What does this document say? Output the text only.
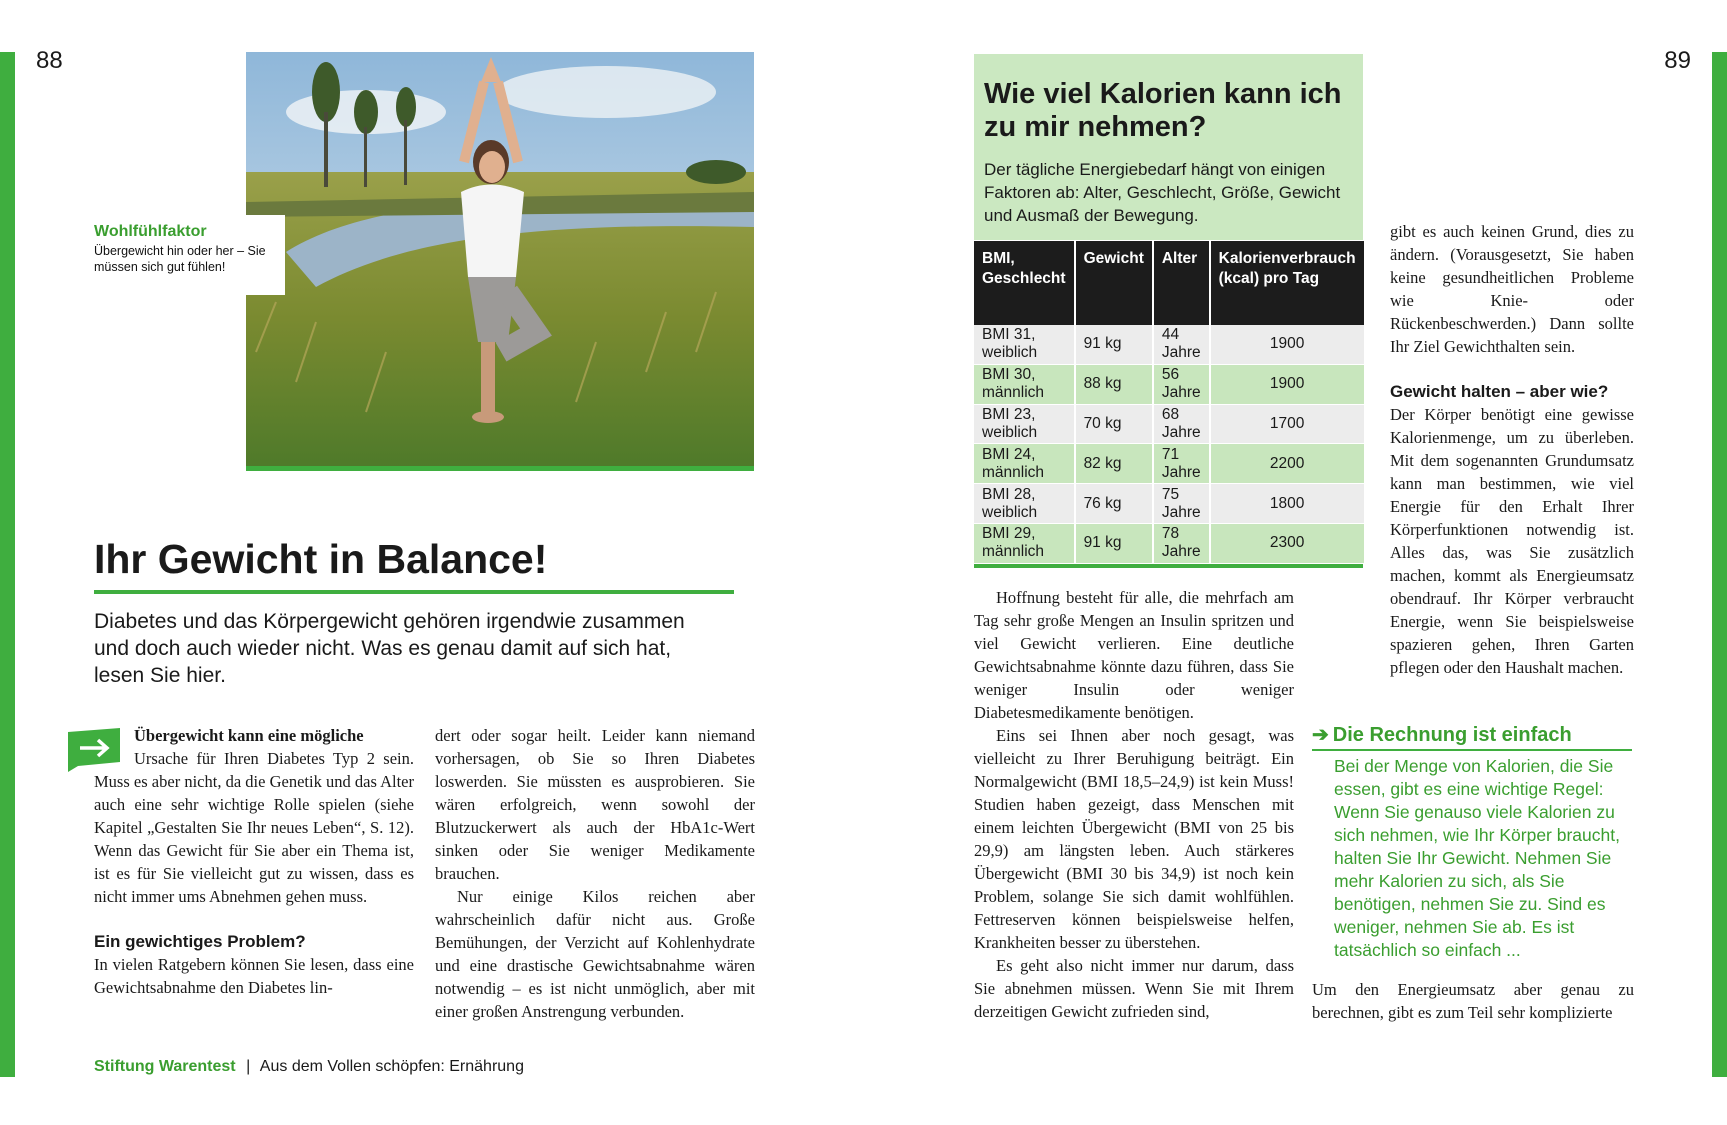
88	89
Wohlfühlfaktor
Übergewicht hin oder her – Sie müssen sich gut fühlen!
Ihr Gewicht in Balance!
Diabetes und das Körpergewicht gehören irgendwie zusammen und doch auch wieder nicht. Was es genau damit auf sich hat, lesen Sie hier.

Übergewicht kann eine mögliche

Ursache für Ihren Diabetes Typ 2 sein. Muss es aber nicht, da die Genetik und das Alter auch eine sehr wichtige Rolle spielen (siehe Kapitel „Gestalten Sie Ihr neues Leben“, S. 12). Wenn das Gewicht für Sie aber ein Thema ist, ist es für Sie vielleicht gut zu wissen, dass es nicht immer ums Abnehmen gehen muss.

Ein gewichtiges Problem?

In vielen Ratgebern können Sie lesen, dass eine Gewichtsabnahme den Diabetes lin-

dert oder sogar heilt. Leider kann niemand vorhersagen, ob Sie so Ihren Diabetes loswerden. Sie müssten es ausprobieren. Sie wären erfolgreich, wenn sowohl der Blutzuckerwert als auch der HbA1c-Wert sinken oder Sie weniger Medikamente brauchen.

Nur einige Kilos reichen aber wahrscheinlich dafür nicht aus. Große Bemühungen, der Verzicht auf Kohlenhydrate und eine drastische Gewichtsabnahme wären notwendig – es ist nicht unmöglich, aber mit einer großen Anstrengung verbunden.

Wie viel Kalorien kann ich zu mir nehmen?
Der tägliche Energiebedarf hängt von einigen Faktoren ab: Alter, Geschlecht, Größe, Gewicht und Ausmaß der Bewegung.
BMI, Geschlecht	Gewicht	Alter	Kalorienverbrauch (kcal) pro Tag
BMI 31, weiblich	91 kg	44 Jahre	1900
BMI 30, männlich	88 kg	56 Jahre	1900
BMI 23, weiblich	70 kg	68 Jahre	1700
BMI 24, männlich	82 kg	71 Jahre	2200
BMI 28, weiblich	76 kg	75 Jahre	1800
BMI 29, männlich	91 kg	78 Jahre	2300

Hoffnung besteht für alle, die mehrfach am Tag sehr große Mengen an Insulin spritzen und viel Gewicht verlieren. Eine deutliche Gewichtsabnahme könnte dazu führen, dass Sie weniger Insulin oder weniger Diabetesmedikamente benötigen.

Eins sei Ihnen aber noch gesagt, was vielleicht zu Ihrer Beruhigung beiträgt. Ein Normalgewicht (BMI 18,5–24,9) ist kein Muss! Studien haben gezeigt, dass Menschen mit einem leichten Übergewicht (BMI von 25 bis 29,9) am längsten leben. Auch stärkeres Übergewicht (BMI 30 bis 34,9) ist noch kein Problem, solange Sie sich damit wohlfühlen. Fettreserven können beispielsweise helfen, Krankheiten besser zu überstehen.

Es geht also nicht immer nur darum, dass Sie abnehmen müssen. Wenn Sie mit Ihrem derzeitigen Gewicht zufrieden sind,

gibt es auch keinen Grund, dies zu ändern. (Vorausgesetzt, Sie haben keine gesundheitlichen Probleme wie Knie- oder Rückenbeschwerden.) Dann sollte Ihr Ziel Gewichthalten sein.

Gewicht halten – aber wie?

Der Körper benötigt eine gewisse Kalorienmenge, um zu überleben. Mit dem sogenannten Grundumsatz kann man bestimmen, wie viel Energie für den Erhalt Ihrer Körperfunktionen notwendig ist. Alles das, was Sie zusätzlich machen, kommt als Energieumsatz obendrauf. Ihr Körper verbraucht Energie, wenn Sie beispielsweise spazieren gehen, Ihren Garten pflegen oder den Haushalt machen.

➔ Die Rechnung ist einfach
Bei der Menge von Kalorien, die Sie essen, gibt es eine wichtige Regel: Wenn Sie genauso viele Kalorien zu sich nehmen, wie Ihr Körper braucht, halten Sie Ihr Gewicht. Nehmen Sie mehr Kalorien zu sich, als Sie benötigen, nehmen Sie zu. Sind es weniger, nehmen Sie ab. Es ist tatsächlich so einfach ...

Um den Energieumsatz aber genau zu berechnen, gibt es zum Teil sehr komplizierte

Stiftung Warentest | Aus dem Vollen schöpfen: Ernährung
